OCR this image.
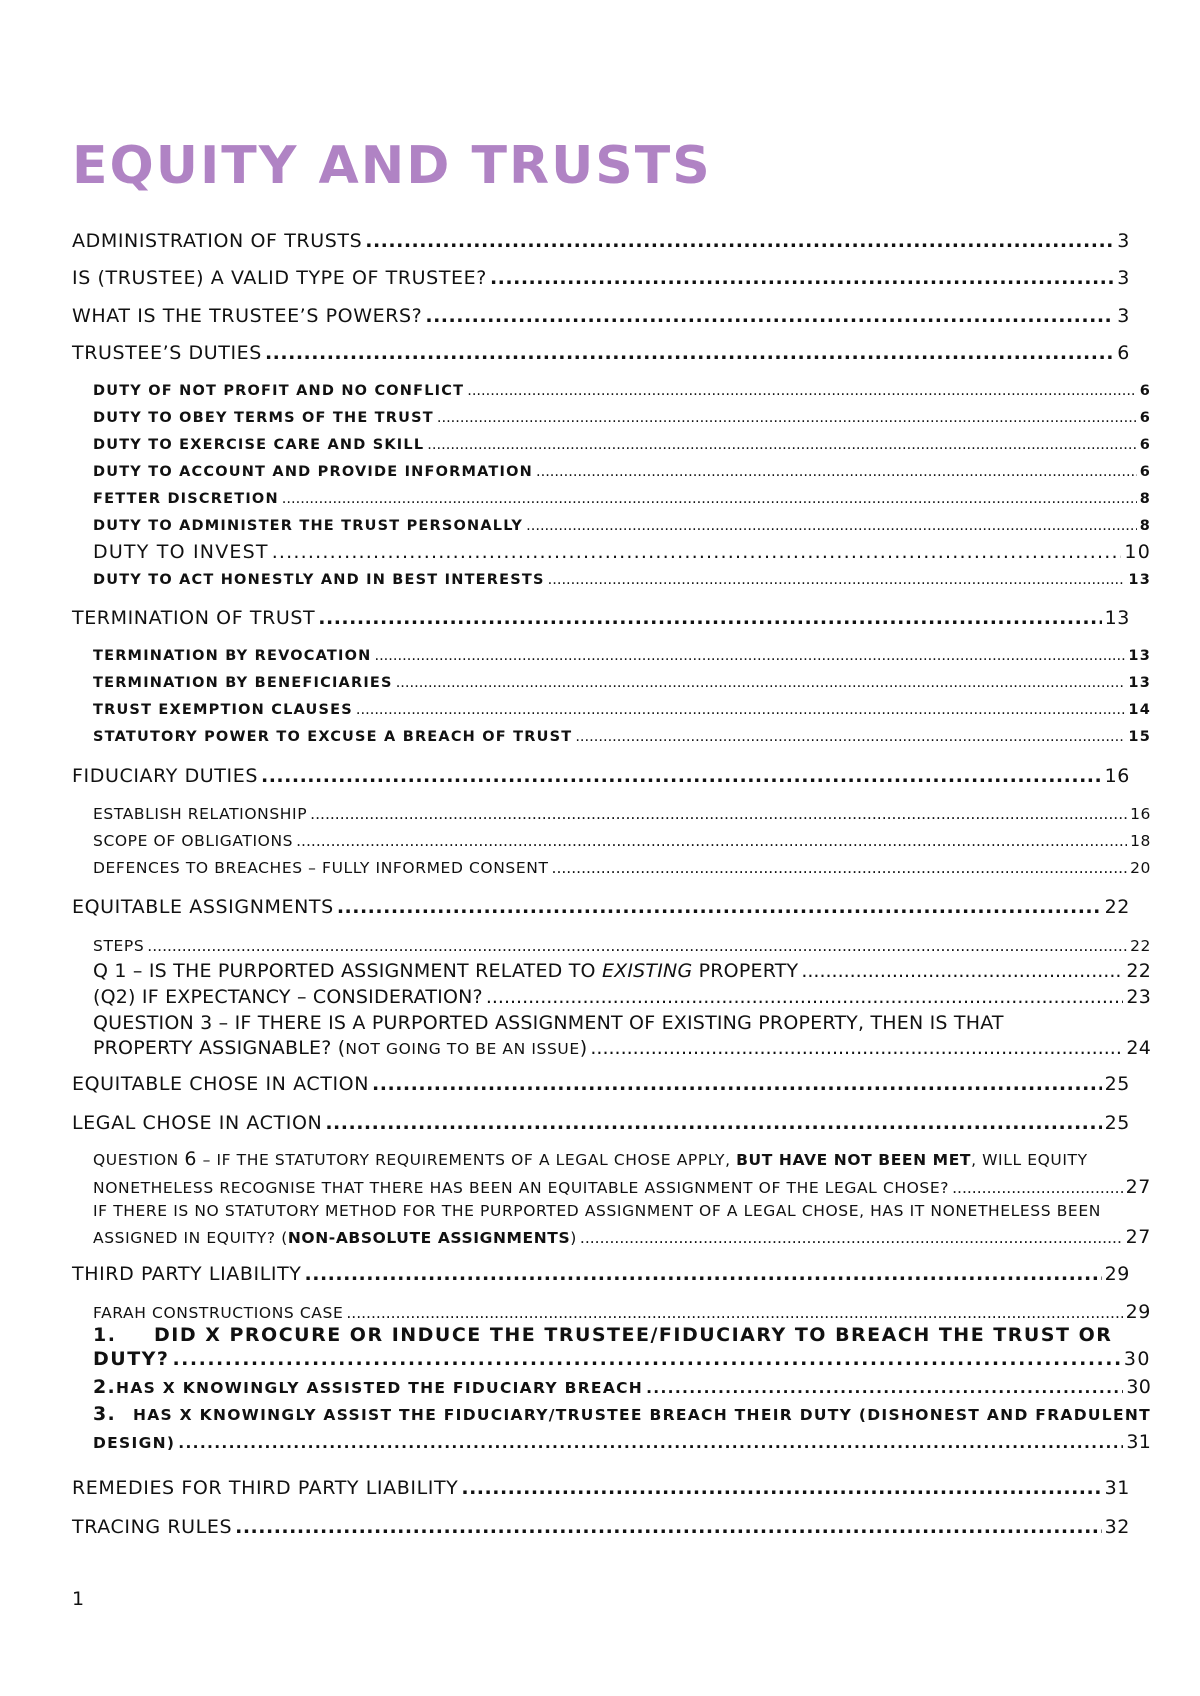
EQUITY AND TRUSTS
ADMINISTRATION OF TRUSTS .....	3
IS (TRUSTEE) A VALID TYPE OF TRUSTEE? .....	3
WHAT IS THE TRUSTEE’S POWERS? .....	3
TRUSTEE’S DUTIES .....	6
DUTY OF NOT PROFIT AND NO CONFLICT .....	6
DUTY TO OBEY TERMS OF THE TRUST .....	6
DUTY TO EXERCISE CARE AND SKILL .....	6
DUTY TO ACCOUNT AND PROVIDE INFORMATION .....	6
FETTER DISCRETION .....	8
DUTY TO ADMINISTER THE TRUST PERSONALLY .....	8
DUTY TO INVEST .....	10
DUTY TO ACT HONESTLY AND IN BEST INTERESTS .....	13
TERMINATION OF TRUST .....	13
TERMINATION BY REVOCATION .....	13
TERMINATION BY BENEFICIARIES .....	13
TRUST EXEMPTION CLAUSES .....	14
STATUTORY POWER TO EXCUSE A BREACH OF TRUST .....	15
FIDUCIARY DUTIES .....	16
ESTABLISH RELATIONSHIP .....	16
SCOPE OF OBLIGATIONS .....	18
DEFENCES TO BREACHES – FULLY INFORMED CONSENT .....	20
EQUITABLE ASSIGNMENTS .....	22
STEPS .....	22
Q 1 – IS THE PURPORTED ASSIGNMENT RELATED TO EXISTING PROPERTY .....	22
(Q2) IF EXPECTANCY – CONSIDERATION? .....	23
QUESTION 3 – IF THERE IS A PURPORTED ASSIGNMENT OF EXISTING PROPERTY, THEN IS THAT
PROPERTY ASSIGNABLE? (NOT GOING TO BE AN ISSUE) .....	24
EQUITABLE CHOSE IN ACTION .....	25
LEGAL CHOSE IN ACTION .....	25
QUESTION 6 – IF THE STATUTORY REQUIREMENTS OF A LEGAL CHOSE APPLY, BUT HAVE NOT BEEN MET, WILL EQUITY
NONETHELESS RECOGNISE THAT THERE HAS BEEN AN EQUITABLE ASSIGNMENT OF THE LEGAL CHOSE? .....	27
IF THERE IS NO STATUTORY METHOD FOR THE PURPORTED ASSIGNMENT OF A LEGAL CHOSE, HAS IT NONETHELESS BEEN
ASSIGNED IN EQUITY? (NON-ABSOLUTE ASSIGNMENTS) .....	27
THIRD PARTY LIABILITY .....	29
FARAH CONSTRUCTIONS CASE .....	29
1.	DID X PROCURE OR INDUCE THE TRUSTEE/FIDUCIARY TO BREACH THE TRUST OR
DUTY? .....	30
2. HAS X KNOWINGLY ASSISTED THE FIDUCIARY BREACH .....	30
3.	HAS X KNOWINGLY ASSIST THE FIDUCIARY/TRUSTEE BREACH THEIR DUTY (DISHONEST AND FRADULENT
DESIGN) .....	31
REMEDIES FOR THIRD PARTY LIABILITY .....	31
TRACING RULES .....	32
1
